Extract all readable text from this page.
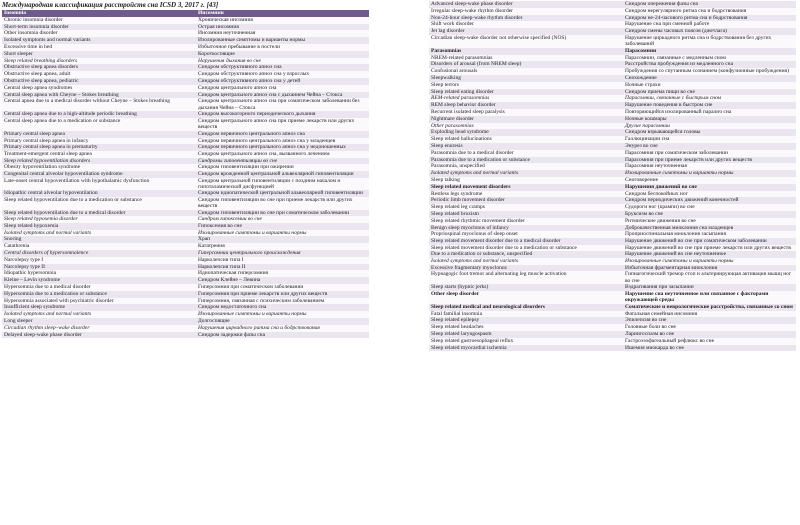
Международная классификация расстройств сна ICSD 3, 2017 г. [43]
Insomnia	Инсомнии
Chronic insomnia disorder	Хроническая инсомния
Short-term insomnia disorder	Острая инсомния
Other insomnia disorder	Инсомния неуточненная
Isolated symptoms and normal variants	Изолированные симптомы и варианты нормы
Excessive time in bed	Избыточное пребывание в постели
Short sleeper	Короткоспящие
Sleep related breathing disorders	Нарушения дыхания во сне
Obstructive sleep apnea disorders	Синдром обструктивного апноэ сна
Obstructive sleep apnea, adult	Синдром обструктивного апноэ сна у взрослых
Obstructive sleep apnea, pediatric	Синдром обструктивного апноэ сна у детей
Central sleep apnea syndromes	Синдром центрального апноэ сна
Central sleep apnea with Cheyne – Stokes breathing	Синдром центрального апноэ сна с дыханием Чейна – Стокса
Central apnea due to a medical disorder without Cheyne – Stokes breathing	Синдром центрального апноэ сна при соматическом заболевании без дыхания Чейна – Стокса
Central sleep apnea due to a high-altitude periodic breathing	Синдром высокогорного периодического дыхания
Central sleep apnea due to a medication or substance	Синдром центрального апноэ сна при приеме лекарств или других веществ
Primary central sleep apnea	Синдром первичного центрального апноэ сна
Primary central sleep apnea in infancy	Синдром первичного центрального апноэ сна у младенцев
Primary central sleep apnea in prematurity	Синдром первичного центрального апноэ сна у недоношенных
Treatment-emergent central sleep apnea	Синдром центрального апноэ сна, вызванного лечением
Sleep related hypoventilation disorders	Синдромы гиповентиляции во сне
Obesity hypoventilation syndrome	Синдром гиповентиляции при ожирении
Congenital central alveolar hypoventilation syndrome	Синдром врожденной центральной альвеолярной гиповентиляции
Late-onset central hypoventilation with hypothalamic dysfunction	Синдром центральной гиповентиляции с поздним началом и гипоталамической дисфункцией
Idiopathic central alveolar hypoventilation	Синдром идиопатической центральной альвеолярной гиповентиляции
Sleep related hypoventilation due to a medication or substance	Синдром гиповентиляции во сне при приеме лекарств или других веществ
Sleep related hypoventilation due to a medical disorder	Синдром гиповентиляции во сне при соматическом заболевании
Sleep related hypoxemia disorder	Синдром гипоксемии во сне
Sleep related hypoxemia	Гипоксемия во сне
Isolated symptoms and normal variants	Изолированные симптомы и варианты нормы
Snoring	Храп
Catathrenia	Кататрения
Central disorders of hypersomnolence	Гиперсомнии центрального происхождения
Narcolepsy type I	Нарколепсия типа I
Narcolepsy type II	Нарколепсия типа II
Idiopathic hypersomnia	Идиопатическая гиперсомния
Kleine – Levin syndrome	Синдром Клейне – Левина
Hypersomnia due to a medical disorder	Гиперсомния при соматическом заболевании
Hypersomnia due to a medication or substance	Гиперсомния при приеме лекарств или других веществ
Hypersomnia associated with psychiatric disorder	Гиперсомния, связанная с психическим заболеванием
Insufficient sleep syndrome	Синдром недостаточного сна
Isolated symptoms and normal variants	Изолированные симптомы и варианты нормы
Long sleeper	Долгоспящие
Circadian rhythm sleep–wake disorder	Нарушения циркадного ритма сна и бодрствования
Delayed sleep-wake phase disorder	Синдром задержки фазы сна
Advanced sleep-wake phase disorder	Синдром опережения фазы сна
Irregular sleep-wake rhythm disorder	Синдром нерегулярного ритма сна и бодрствования
Non-24-hour sleep-wake rhythm disorder	Синдром не-24-часового ритма сна и бодрствования
Shift work disorder	Нарушение сна при сменной работе
Jet lag disorder	Синдром смены часовых поясов (джетлага)
Circadian sleep-wake disorder not otherwise specified (NOS)	Нарушение циркадного ритма сна и бодрствования без других заболеваний
Parasomnias	Парасомнии
NREM-related parasomnias	Парасомнии, связанные с медленным сном
Disorders of arousal (from NREM sleep)	Расстройства пробуждения из медленного сна
Confusional arousals	Пробуждения со спутанным сознанием (конфузионные пробуждения)
Sleepwalking	Снохождение
Sleep terrors	Ночные страхи
Sleep related eating disorder	Синдром приема пищи во сне
REM-related parasomnias	Парасомнии, связанные с быстрым сном
REM sleep behavior disorder	Нарушение поведения в быстром сне
Recurrent isolated sleep paralysis	Повторяющийся изолированный паралич сна
Nightmare disorder	Ночные кошмары
Other parasomnias	Другие парасомнии
Exploding head syndrome	Синдром взрывающейся головы
Sleep related hallucinations	Галлюцинации сна
Sleep enuresis	Энурез во сне
Parasomnia due to a medical disorder	Парасомния при соматическом заболевании
Parasomnia due to a medication or substance	Парасомния при приеме лекарств или других веществ
Parasomnia, unspecified	Парасомния неуточненная
Isolated symptoms and normal variants	Изолированные симптомы и варианты нормы
Sleep talking	Сноговорение
Sleep related movement disorders	Нарушения движений во сне
Restless legs syndrome	Синдром беспокойных ног
Periodic limb movement disorder	Синдром периодических движений конечностей
Sleep related leg cramps	Судороги ног (крампи) во сне
Sleep related bruxism	Бруксизм во сне
Sleep related rhythmic movement disorder	Ритмические движения во сне
Benign sleep myoclonus of infancy	Доброкачественная миоклония сна младенцев
Propriospinal myoclonus of sleep onset	Проприоспинальная миоклония засыпания
Sleep related movement disorder due to a medical disorder	Нарушение движений во сне при соматическом заболевании
Sleep related movement disorder due to a medication or substance	Нарушение движений во сне при приеме лекарств или других веществ
Due to a medication or substance, unspecified	Нарушение движений во сне неуточненное
Isolated symptoms and normal variants	Изолированные симптомы и варианты нормы
Excessive fragmentary myoclonus	Избыточная фрагментарная миоклония
Hypnagogic foot tremor and alternating leg muscle activation	Гипнагогический тремор стоп и альтернирующая активация мышц ног во сне
Sleep starts (hypnic jerks)	Вздрагивания при засыпании
Other sleep disorder	Нарушение сна неуточненное или связанное с факторами окружающей среды
Sleep related medical and neurological disorders	Соматические и неврологические расстройства, связанные со сном
Fatal familial insomnia	Фатальная семейная инсомния
Sleep related epilepsy	Эпилепсия во сне
Sleep related headaches	Головные боли во сне
Sleep related laryngospasm	Ларингоспазм во сне
Sleep related gastroesophageal reflux	Гастроэзофагеальный рефлюкс во сне
Sleep related myocardial ischemia	Ишемия миокарда во сне
